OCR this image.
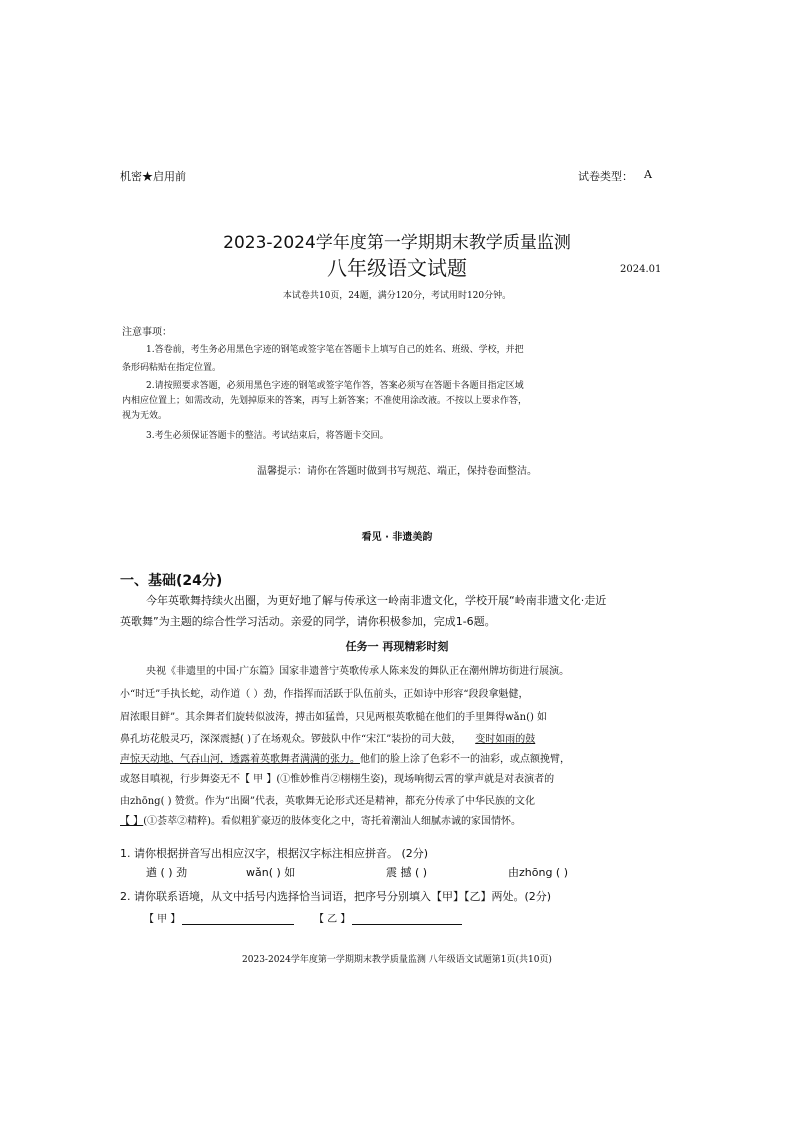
机密★启用前	试卷类型： A
2023-2024学年度第一学期期末教学质量监测
八年级语文试题	2024.01
本试卷共10页，24题，满分120分，考试用时120分钟。
注意事项：
1.答卷前，考生务必用黑色字迹的钢笔或签字笔在答题卡上填写自己的姓名、班级、学校，并把
条形码粘贴在指定位置。
2.请按照要求答题，必须用黑色字迹的钢笔或签字笔作答，答案必须写在答题卡各题目指定区域
内相应位置上；如需改动，先划掉原来的答案，再写上新答案；不准使用涂改液。不按以上要求作答，
视为无效。
3.考生必须保证答题卡的整洁。考试结束后，将答题卡交回。
温馨提示：请你在答题时做到书写规范、端正，保持卷面整洁。
看见 · 非遗美韵
一、基础(24分)
今年英歌舞持续火出圈，为更好地了解与传承这一岭南非遗文化，学校开展“岭南非遗文化·走近
英歌舞”为主题的综合性学习活动。亲爱的同学，请你积极参加，完成1-6题。
任务一 再现精彩时刻
央视《非遗里的中国·广东篇》国家非遗普宁英歌传承人陈来发的舞队正在潮州牌坊街进行展演。
小“时迁”手执长蛇，动作道（ ）劲，作指挥而活跃于队伍前头，正如诗中形容“段段拿魁健，
眉浓眼目鲜”。其余舞者们旋转似波涛，搏击如猛兽，只见两根英歌槌在他们的手里舞得wǎn() 如
鼻孔坊花般灵巧，深深震撼( )了在场观众。锣鼓队中作“宋江”装扮的司大鼓， 变时如雨的鼓
声惊天动地、气吞山河，透露着英歌舞者满满的张力。他们的脸上涂了色彩不一的油彩，或点额挽臂，
或怒目嗔视，行步舞姿无不【 甲 】(①惟妙惟肖②栩栩生姿)，现场响彻云霄的掌声就是对表演者的
由zhōng( ) 赞赏。作为“出圈”代表，英歌舞无论形式还是精神，都充分传承了中华民族的文化
【 】(①荟萃②精粹)。看似粗犷豪迈的肢体变化之中，寄托着潮汕人细腻赤诚的家国情怀。
1. 请你根据拼音写出相应汉字，根据汉字标注相应拼音。 (2分)
遒 ( ) 劲	wǎn( ) 如	震 撼 ( )	由zhōng ( )
2. 请你联系语境，从文中括号内选择恰当词语，把序号分别填入【甲】【乙】两处。(2分)
【 甲 】	【 乙 】
2023-2024学年度第一学期期末教学质量监测 八年级语文试题第1页(共10页)
